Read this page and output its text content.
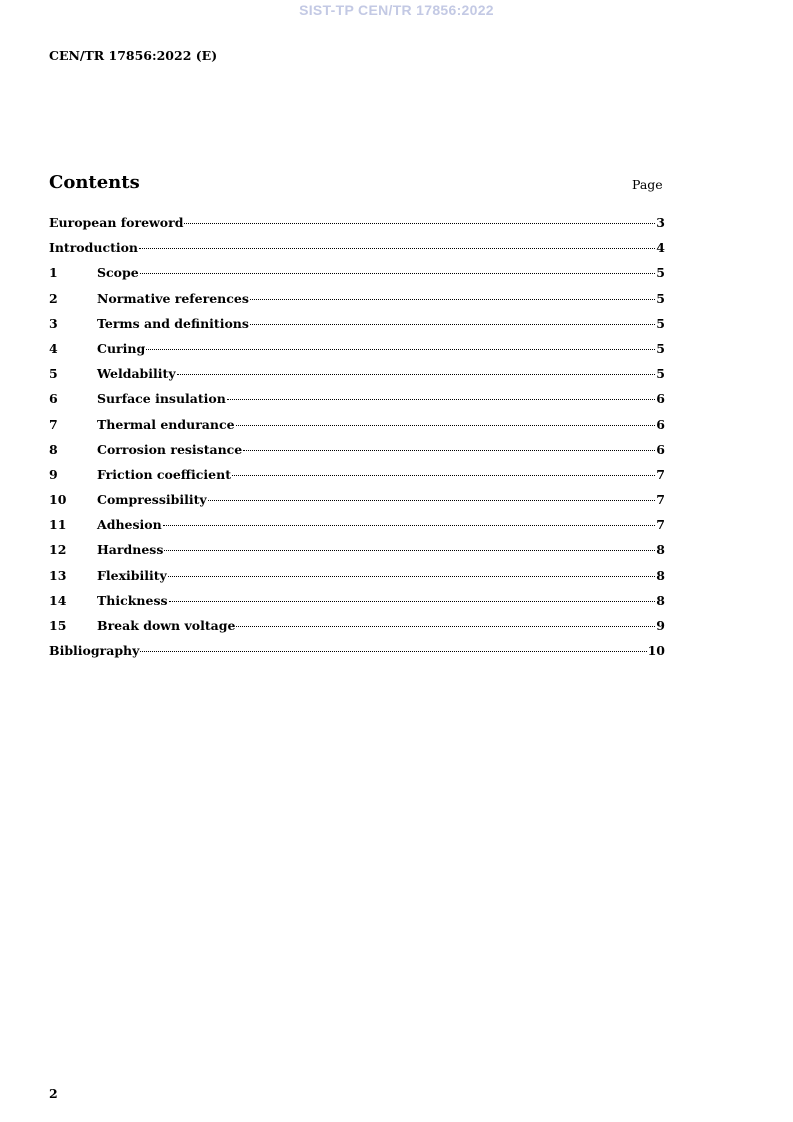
SIST-TP CEN/TR 17856:2022
CEN/TR 17856:2022 (E)
Contents	Page
European foreword	3
Introduction	4
1	Scope	5
2	Normative references	5
3	Terms and definitions	5
4	Curing	5
5	Weldability	5
6	Surface insulation	6
7	Thermal endurance	6
8	Corrosion resistance	6
9	Friction coefficient	7
10	Compressibility	7
11	Adhesion	7
12	Hardness	8
13	Flexibility	8
14	Thickness	8
15	Break down voltage	9
Bibliography	10
2
